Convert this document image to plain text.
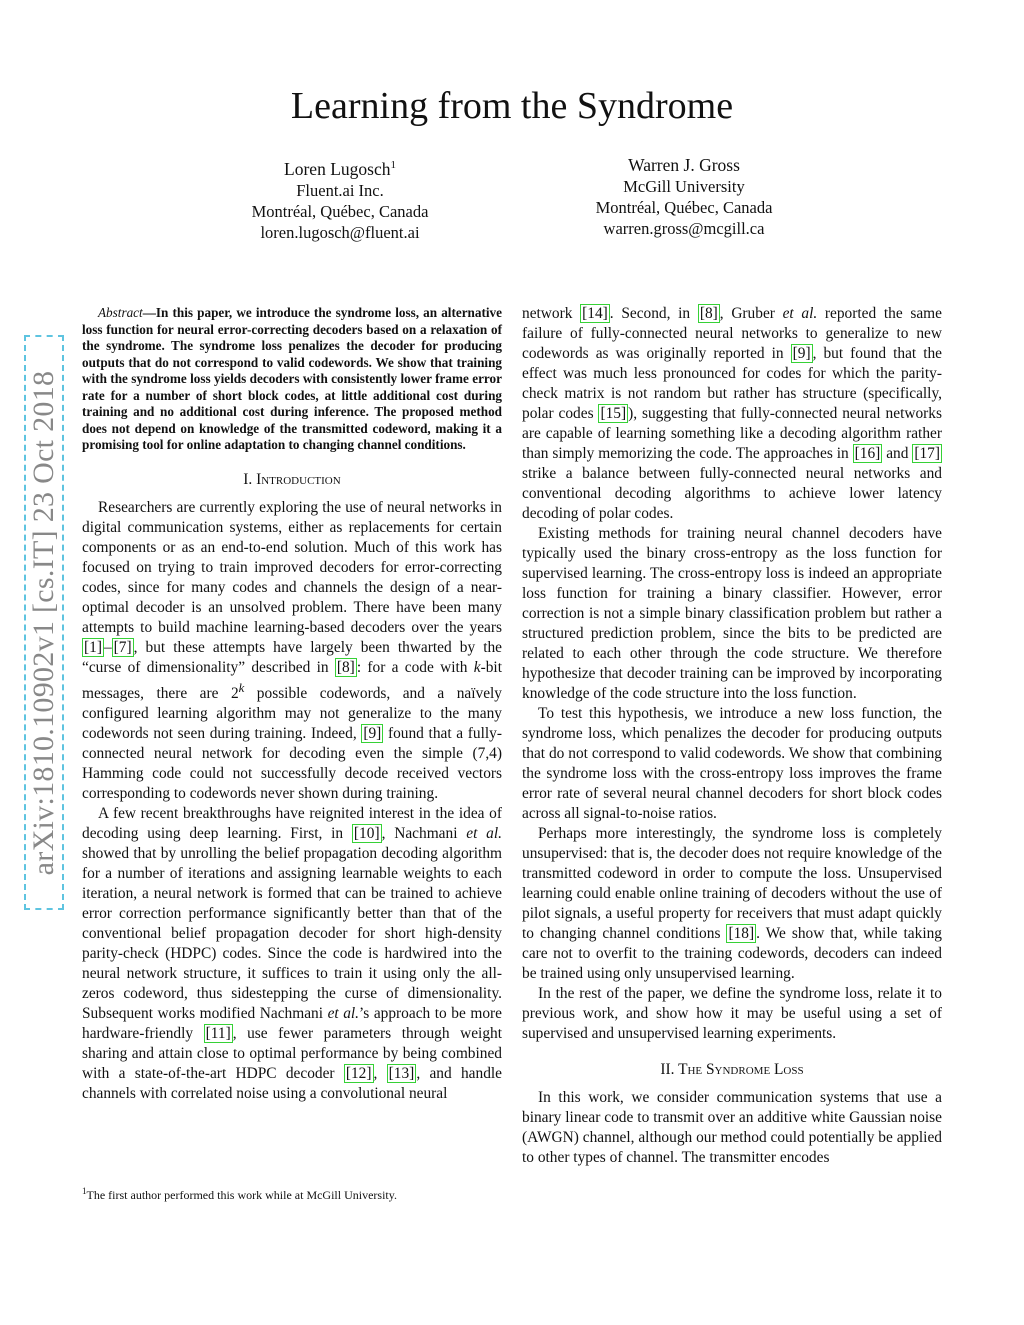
Learning from the Syndrome
Loren Lugosch$^1$
Fluent.ai Inc.
Montréal, Québec, Canada
loren.lugosch@fluent.ai
Warren J. Gross
McGill University
Montréal, Québec, Canada
warren.gross@mcgill.ca
arXiv:1810.10902v1 [cs.IT] 23 Oct 2018
Abstract—In this paper, we introduce the syndrome loss, an alternative loss function for neural error-correcting decoders based on a relaxation of the syndrome. The syndrome loss penalizes the decoder for producing outputs that do not correspond to valid codewords. We show that training with the syndrome loss yields decoders with consistently lower frame error rate for a number of short block codes, at little additional cost during training and no additional cost during inference. The proposed method does not depend on knowledge of the transmitted codeword, making it a promising tool for online adaptation to changing channel conditions.
I. Introduction

Researchers are currently exploring the use of neural networks in digital communication systems, either as replacements for certain components or as an end-to-end solution. Much of this work has focused on trying to train improved decoders for error-correcting codes, since for many codes and channels the design of a near-optimal decoder is an unsolved problem. There have been many attempts to build machine learning-based decoders over the years [1] – [7] , but these attempts have largely been thwarted by the “curse of dimensionality” described in [8] : for a code with k-bit messages, there are 2$^k$ possible codewords, and a naïvely configured learning algorithm may not generalize to the many codewords not seen during training. Indeed, [9] found that a fully-connected neural network for decoding even the simple (7,4) Hamming code could not successfully decode received vectors corresponding to codewords never shown during training.

A few recent breakthroughs have reignited interest in the idea of decoding using deep learning. First, in [10] , Nachmani et al. showed that by unrolling the belief propagation decoding algorithm for a number of iterations and assigning learnable weights to each iteration, a neural network is formed that can be trained to achieve error correction performance significantly better than that of the conventional belief propagation decoder for short high-density parity-check (HDPC) codes. Since the code is hardwired into the neural network structure, it suffices to train it using only the all-zeros codeword, thus sidestepping the curse of dimensionality. Subsequent works modified Nachmani et al.’s approach to be more hardware-friendly [11] , use fewer parameters through weight sharing and attain close to optimal performance by being combined with a state-of-the-art HDPC decoder [12] , [13] , and handle channels with correlated noise using a convolutional neural

$^1$The first author performed this work while at McGill University.

network [14] . Second, in [8] , Gruber et al. reported the same failure of fully-connected neural networks to generalize to new codewords as was originally reported in [9] , but found that the effect was much less pronounced for codes for which the parity-check matrix is not random but rather has structure (specifically, polar codes [15] ), suggesting that fully-connected neural networks are capable of learning something like a decoding algorithm rather than simply memorizing the code. The approaches in [16] and [17] strike a balance between fully-connected neural networks and conventional decoding algorithms to achieve lower latency decoding of polar codes.

Existing methods for training neural channel decoders have typically used the binary cross-entropy as the loss function for supervised learning. The cross-entropy loss is indeed an appropriate loss function for training a binary classifier. However, error correction is not a simple binary classification problem but rather a structured prediction problem, since the bits to be predicted are related to each other through the code structure. We therefore hypothesize that decoder training can be improved by incorporating knowledge of the code structure into the loss function.

To test this hypothesis, we introduce a new loss function, the syndrome loss, which penalizes the decoder for producing outputs that do not correspond to valid codewords. We show that combining the syndrome loss with the cross-entropy loss improves the frame error rate of several neural channel decoders for short block codes across all signal-to-noise ratios.

Perhaps more interestingly, the syndrome loss is completely unsupervised: that is, the decoder does not require knowledge of the transmitted codeword in order to compute the loss. Unsupervised learning could enable online training of decoders without the use of pilot signals, a useful property for receivers that must adapt quickly to changing channel conditions [18] . We show that, while taking care not to overfit to the training codewords, decoders can indeed be trained using only unsupervised learning.

In the rest of the paper, we define the syndrome loss, relate it to previous work, and show how it may be useful using a set of supervised and unsupervised learning experiments.

II. The Syndrome Loss

In this work, we consider communication systems that use a binary linear code to transmit over an additive white Gaussian noise (AWGN) channel, although our method could potentially be applied to other types of channel. The transmitter encodes
